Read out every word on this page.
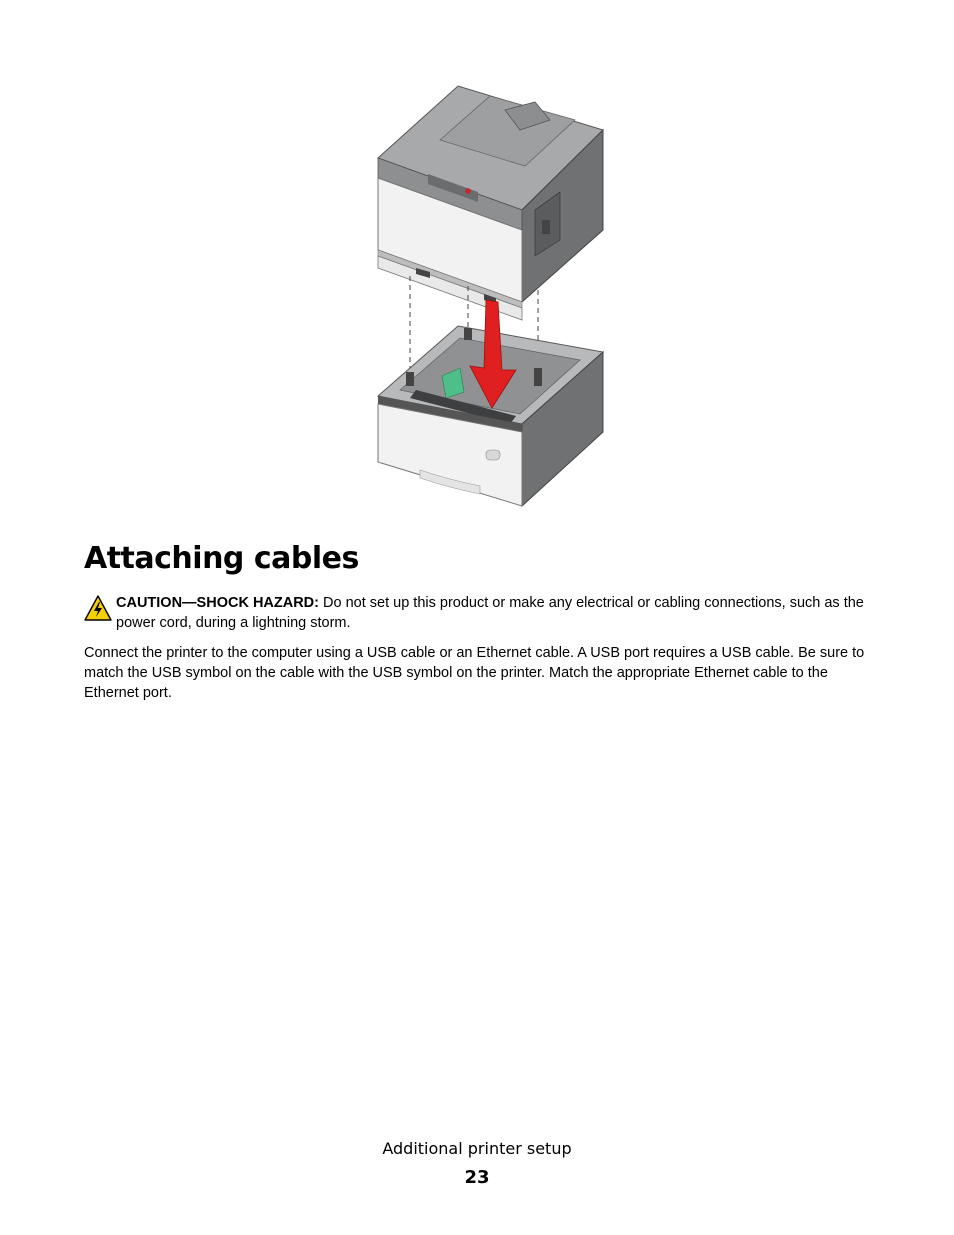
Attaching cables
CAUTION—SHOCK HAZARD: Do not set up this product or make any electrical or cabling connections, such as the power cord, during a lightning storm.

Connect the printer to the computer using a USB cable or an Ethernet cable. A USB port requires a USB cable. Be sure to match the USB symbol on the cable with the USB symbol on the printer. Match the appropriate Ethernet cable to the Ethernet port.

Additional printer setup
23
